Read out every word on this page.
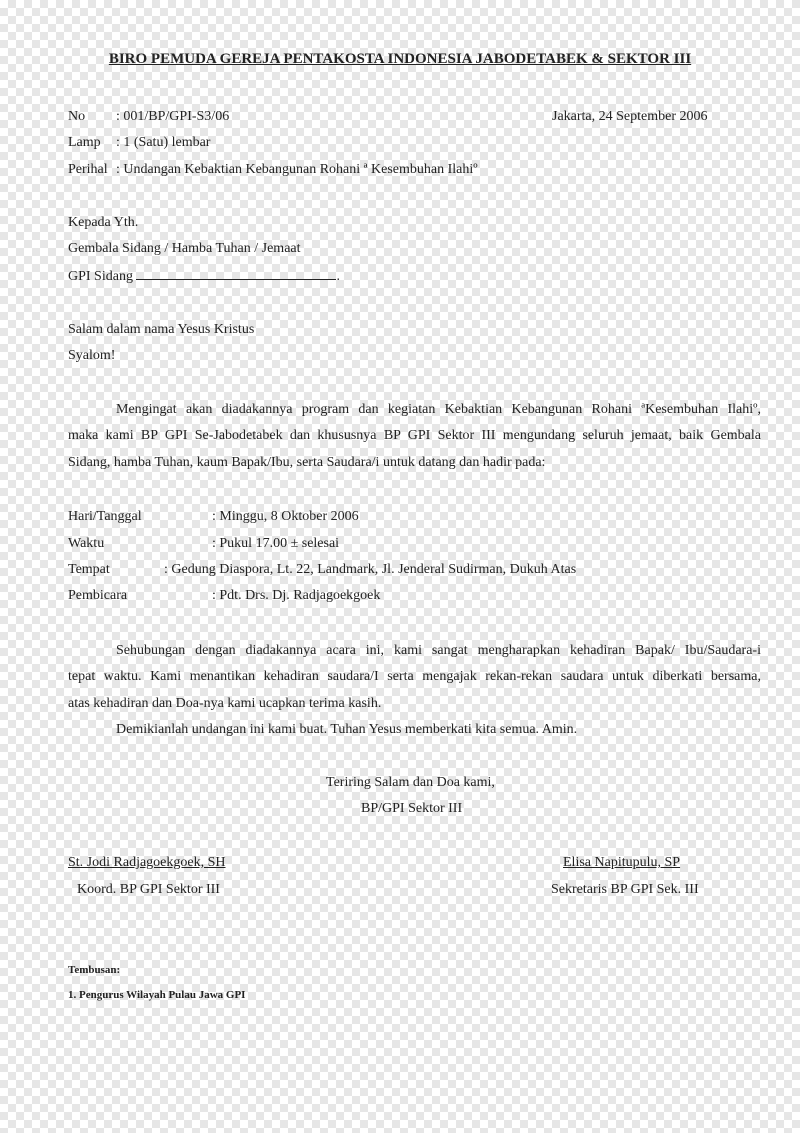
BIRO PEMUDA GEREJA PENTAKOSTA INDONESIA JABODETABEK & SEKTOR III
No : 001/BP/GPI-S3/06	Jakarta, 24 September 2006
Lamp : 1 (Satu) lembar
Perihal : Undangan Kebaktian Kebangunan Rohani ª Kesembuhan Ilahiº
Kepada Yth.
Gembala Sidang / Hamba Tuhan / Jemaat
GPI Sidang	.
Salam dalam nama Yesus Kristus
Syalom!
Mengingat akan diadakannya program dan kegiatan Kebaktian Kebangunan Rohani ªKesembuhan Ilahiº,
maka kami BP GPI Se-Jabodetabek dan khususnya BP GPI Sektor III mengundang seluruh jemaat, baik Gembala
Sidang, hamba Tuhan, kaum Bapak/Ibu, serta Saudara/i untuk datang dan hadir pada:
Hari/Tanggal	: Minggu, 8 Oktober 2006
Waktu	: Pukul 17.00 ± selesai
Tempat	: Gedung Diaspora, Lt. 22, Landmark, Jl. Jenderal Sudirman, Dukuh Atas
Pembicara	: Pdt. Drs. Dj. Radjagoekgoek
Sehubungan dengan diadakannya acara ini, kami sangat mengharapkan kehadiran Bapak/ Ibu/Saudara-i
tepat waktu. Kami menantikan kehadiran saudara/I serta mengajak rekan-rekan saudara untuk diberkati bersama,
atas kehadiran dan Doa-nya kami ucapkan terima kasih.
Demikianlah undangan ini kami buat. Tuhan Yesus memberkati kita semua. Amin.
Teriring Salam dan Doa kami,
BP/GPI Sektor III
St. Jodi Radjagoekgoek, SH
Koord. BP GPI Sektor III
Elisa Napitupulu, SP
Sekretaris BP GPI Sek. III
Tembusan:
1. Pengurus Wilayah Pulau Jawa GPI
